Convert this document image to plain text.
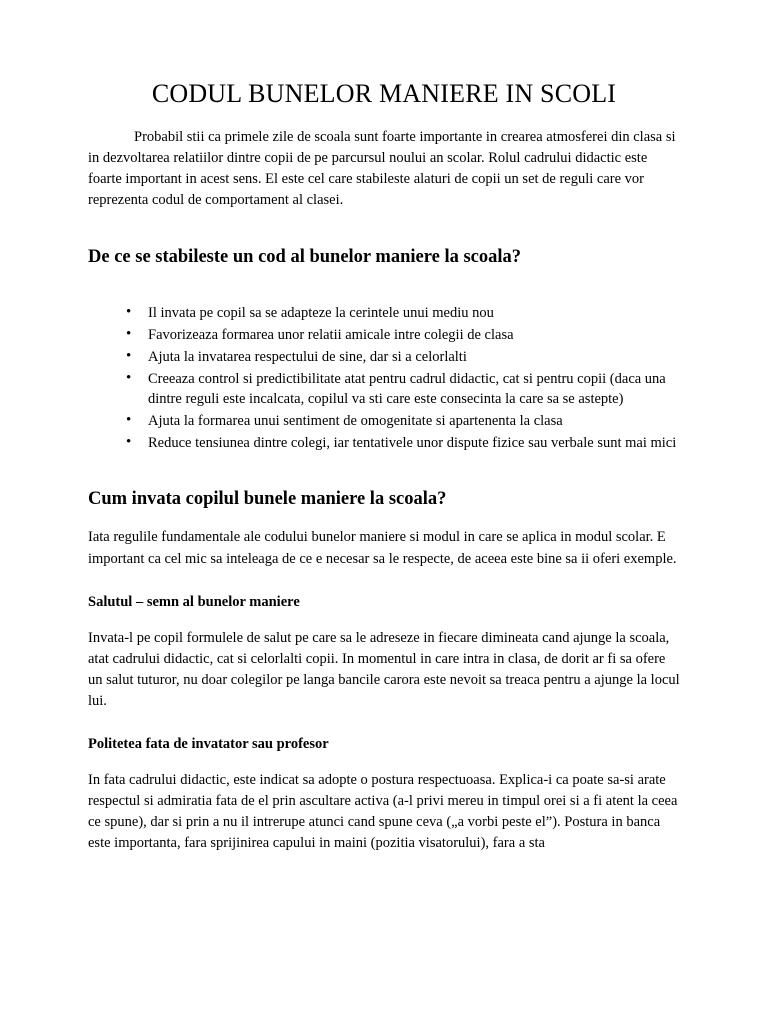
CODUL BUNELOR MANIERE IN SCOLI

Probabil stii ca primele zile de scoala sunt foarte importante in crearea atmosferei din clasa si in dezvoltarea relatiilor dintre copii de pe parcursul noului an scolar. Rolul cadrului didactic este foarte important in acest sens. El este cel care stabileste alaturi de copii un set de reguli care vor reprezenta codul de comportament al clasei.

De ce se stabileste un cod al bunelor maniere la scoala?
• Il invata pe copil sa se adapteze la cerintele unui mediu nou
• Favorizeaza formarea unor relatii amicale intre colegii de clasa
• Ajuta la invatarea respectului de sine, dar si a celorlalti
• Creeaza control si predictibilitate atat pentru cadrul didactic, cat si pentru copii (daca una dintre reguli este incalcata, copilul va sti care este consecinta la care sa se astepte)
• Ajuta la formarea unui sentiment de omogenitate si apartenenta la clasa
• Reduce tensiunea dintre colegi, iar tentativele unor dispute fizice sau verbale sunt mai mici
Cum invata copilul bunele maniere la scoala?

Iata regulile fundamentale ale codului bunelor maniere si modul in care se aplica in modul scolar. E important ca cel mic sa inteleaga de ce e necesar sa le respecte, de aceea este bine sa ii oferi exemple.

Salutul – semn al bunelor maniere

Invata-l pe copil formulele de salut pe care sa le adreseze in fiecare dimineata cand ajunge la scoala, atat cadrului didactic, cat si celorlalti copii. In momentul in care intra in clasa, de dorit ar fi sa ofere un salut tuturor, nu doar colegilor pe langa bancile carora este nevoit sa treaca pentru a ajunge la locul lui.

Politetea fata de invatator sau profesor

In fata cadrului didactic, este indicat sa adopte o postura respectuoasa. Explica-i ca poate sa-si arate respectul si admiratia fata de el prin ascultare activa (a-l privi mereu in timpul orei si a fi atent la ceea ce spune), dar si prin a nu il intrerupe atunci cand spune ceva („a vorbi peste el”). Postura in banca este importanta, fara sprijinirea capului in maini (pozitia visatorului), fara a sta
